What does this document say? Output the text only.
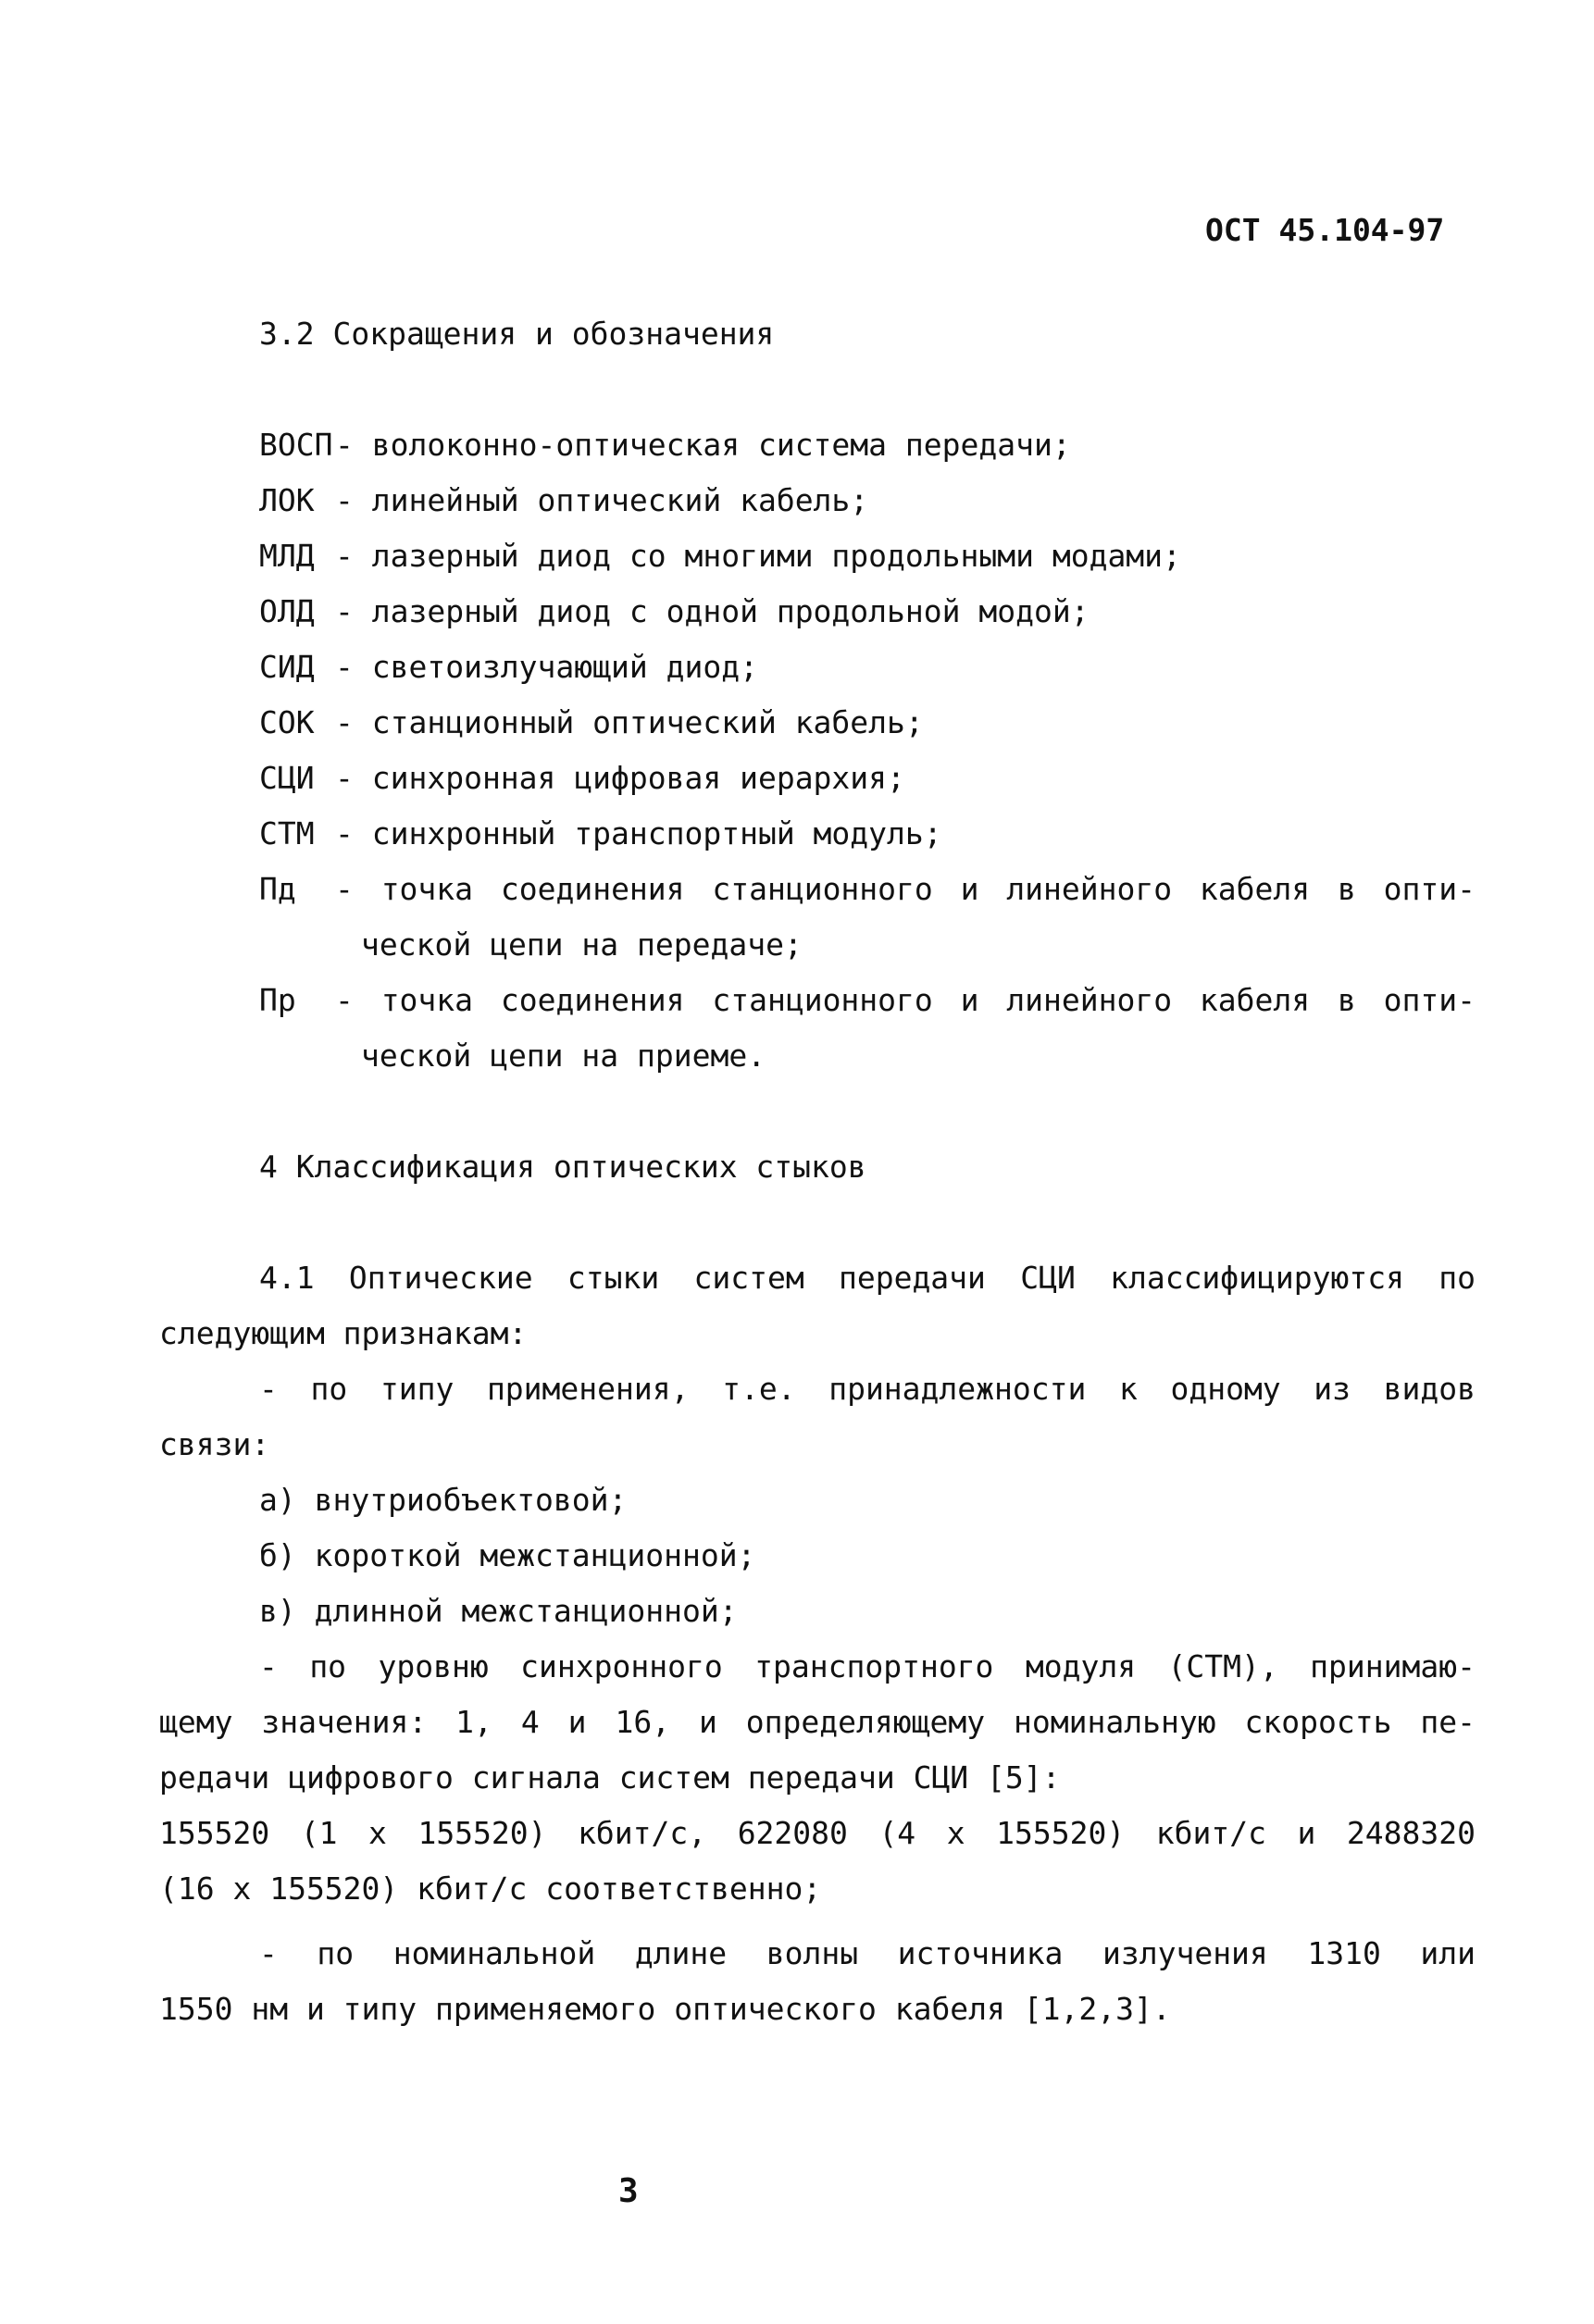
ОСТ 45.104-97
3.2 Сокращения и обозначения
ВОСП - волоконно-оптическая система передачи;
ЛОК - линейный оптический кабель;
МЛД - лазерный диод со многими продольными модами;
ОЛД - лазерный диод с одной продольной модой;
СИД - светоизлучающий диод;
СОК - станционный оптический кабель;
СЦИ - синхронная цифровая иерархия;
СТМ - синхронный транспортный модуль;
Пд - точка соединения станционного и линейного кабеля в опти-
ческой цепи на передаче;
Пр - точка соединения станционного и линейного кабеля в опти-
ческой цепи на приеме.
4 Классификация оптических стыков
4.1 Оптические стыки систем передачи СЦИ классифицируются по
следующим признакам:
- по типу применения, т.е. принадлежности к одному из видов
связи:
а) внутриобъектовой;
б) короткой межстанционной;
в) длинной межстанционной;
- по уровню синхронного транспортного модуля (СТМ), принимаю-
щему значения: 1, 4 и 16, и определяющему номинальную скорость пе-
редачи цифрового сигнала систем передачи СЦИ [5]:
155520 (1 х 155520) кбит/с, 622080 (4 х 155520) кбит/с и 2488320
(16 х 155520) кбит/с соответственно;
- по номинальной длине волны источника излучения 1310 или
1550 нм и типу применяемого оптического кабеля [1,2,3].
3
